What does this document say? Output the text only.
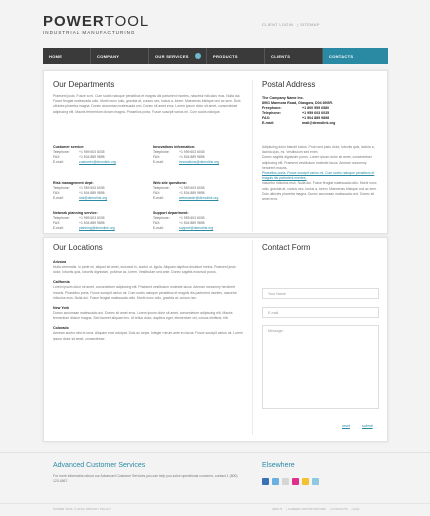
POWERTOOL
INDUSTRIAL MANUFACTURING
CLIENT LOGIN | SITEMAP
HOME	COMPANY	OUR SERVICES	PRODUCTS	CLIENTS	CONTACTS
Our Departments

Praesent justo. Fusce a mi. Cum sociis natoque penatibus et magnis dis parturient montes, nascetur ridiculus mus. Nulla dui. Fusce feugiat malesuada odio. Morbi nunc odio, gravida at, cursus nec, luctus a, lorem. Maecenas tristique orci ac sem. Duis ultricies pharetra magna. Donec accumsan malesuada orci. Donec sit amet eros. Lorem ipsum dolor sit amet, consectetuer adipiscing elit. Mauris fermentum dictum magna. Phasellus porta. Fusce suscipit varius mi. Cum sociis natoque.

Customer service:
Telephone:	+1 959 603 6035
FAX:	+1 504 889 9898
E-mail:	customer@demolink.org
Innovations information:
Telephone:	+1 959 603 6035
FAX:	+1 504 889 9898
E-mail:	innovations@demolink.org
Risk management dept:
Telephone:	+1 959 603 6035
FAX:	+1 504 889 9898
E-mail:	risk@demolink.org
Web site questions:
Telephone:	+1 959 603 6035
FAX:	+1 504 889 9898
E-mail:	webmaster@demolink.org
Network planning service:
Telephone:	+1 959 603 6035
FAX:	+1 504 889 9898
E-mail:	planning@demolink.org
Support department:
Telephone:	+1 959 603 6035
FAX:	+1 504 889 9898
E-mail:	support@demolink.org
Postal Address
The Company Name Inc.
8901 Marmora Road, Glasgow, D04 89GR.
Freephone:	+1 800 559 6580
Telephone:	+1 959 603 6035
FAX:	+1 504 889 9898
E-mail:	mail@demolink.org

Adipiscing dolor blandit luctus. Proin sed justo dolor, lobortis quis, lacinia a, lacinia quis, mi. Vestibulum sed enim.

Donec sagittis dignissim purus. Lorem ipsum dolor sit amet, consectetuer adipiscing elit. Praesent vestibulum molestie lacus. Aenean nonummy hendrerit mauris.

Phasellus porta. Fusce suscipit varius mi. Cum sociis natoque penatibus et magnis dis parturient montes,

nascetur ridiculus mus. Nulla dui. Fusce feugiat malesuada odio. Morbi nunc odio, gravida at, cursus nec, luctus a, lorem. Maecenas tristique orci ac sem. Duis ultricies pharetra magna. Donec accumsan malesuada orci. Donec sit amet eros.

Our Locations
Arizona

Nulla venenatis. In pede mi, aliquet sit amet, euismod in, auctor ut, ligula. Aliquam dapibus tincidunt metus. Praesent justo dolor, lobortis quis, lobortis dignissim, pulvinar ac, lorem. Vestibulum sed ante. Donec sagittis euismod purus.

California

Lorem ipsum dolor sit amet, consectetuer adipiscing elit. Praesent vestibulum molestie lacus. Aenean nonummy hendrerit mauris. Phasellus porta. Fusce suscipit varius mi. Cum sociis natoque penatibus et magnis dis parturient montes, nascetur ridiculus mus. Nulla dui. Fusce feugiat malesuada odio. Morbi nunc odio, gravida at, cursus nec.

New York

Donec accumsan malesuada orci. Donec sit amet eros. Lorem ipsum dolor sit amet, consectetuer adipiscing elit. Mauris fermentum dictum magna. Sed laoreet aliquam leo. Ut tellus dolor, dapibus eget, elementum vel, cursus eleifend, elit.

Colorado

Aenean auctor wisi et urna. Aliquam erat volutpat. Duis ac turpis. Integer rutrum ante eu lacus. Fusce suscipit varius mi. Lorem ipsum dolor sit amet, consectetuer.

Contact Form
Your Name
E-mail
Message:
reset	submit
Advanced Customer Services
For more information about our Advanced Customer Services you can help you solve operational concerns, contact 1 (800) 123-4567.
Elsewhere
POWER TOOL © 2010 | PRIVACY POLICY	ABOUT | CAREER OPPORTUNITIES | CONTACTS | FAQ
